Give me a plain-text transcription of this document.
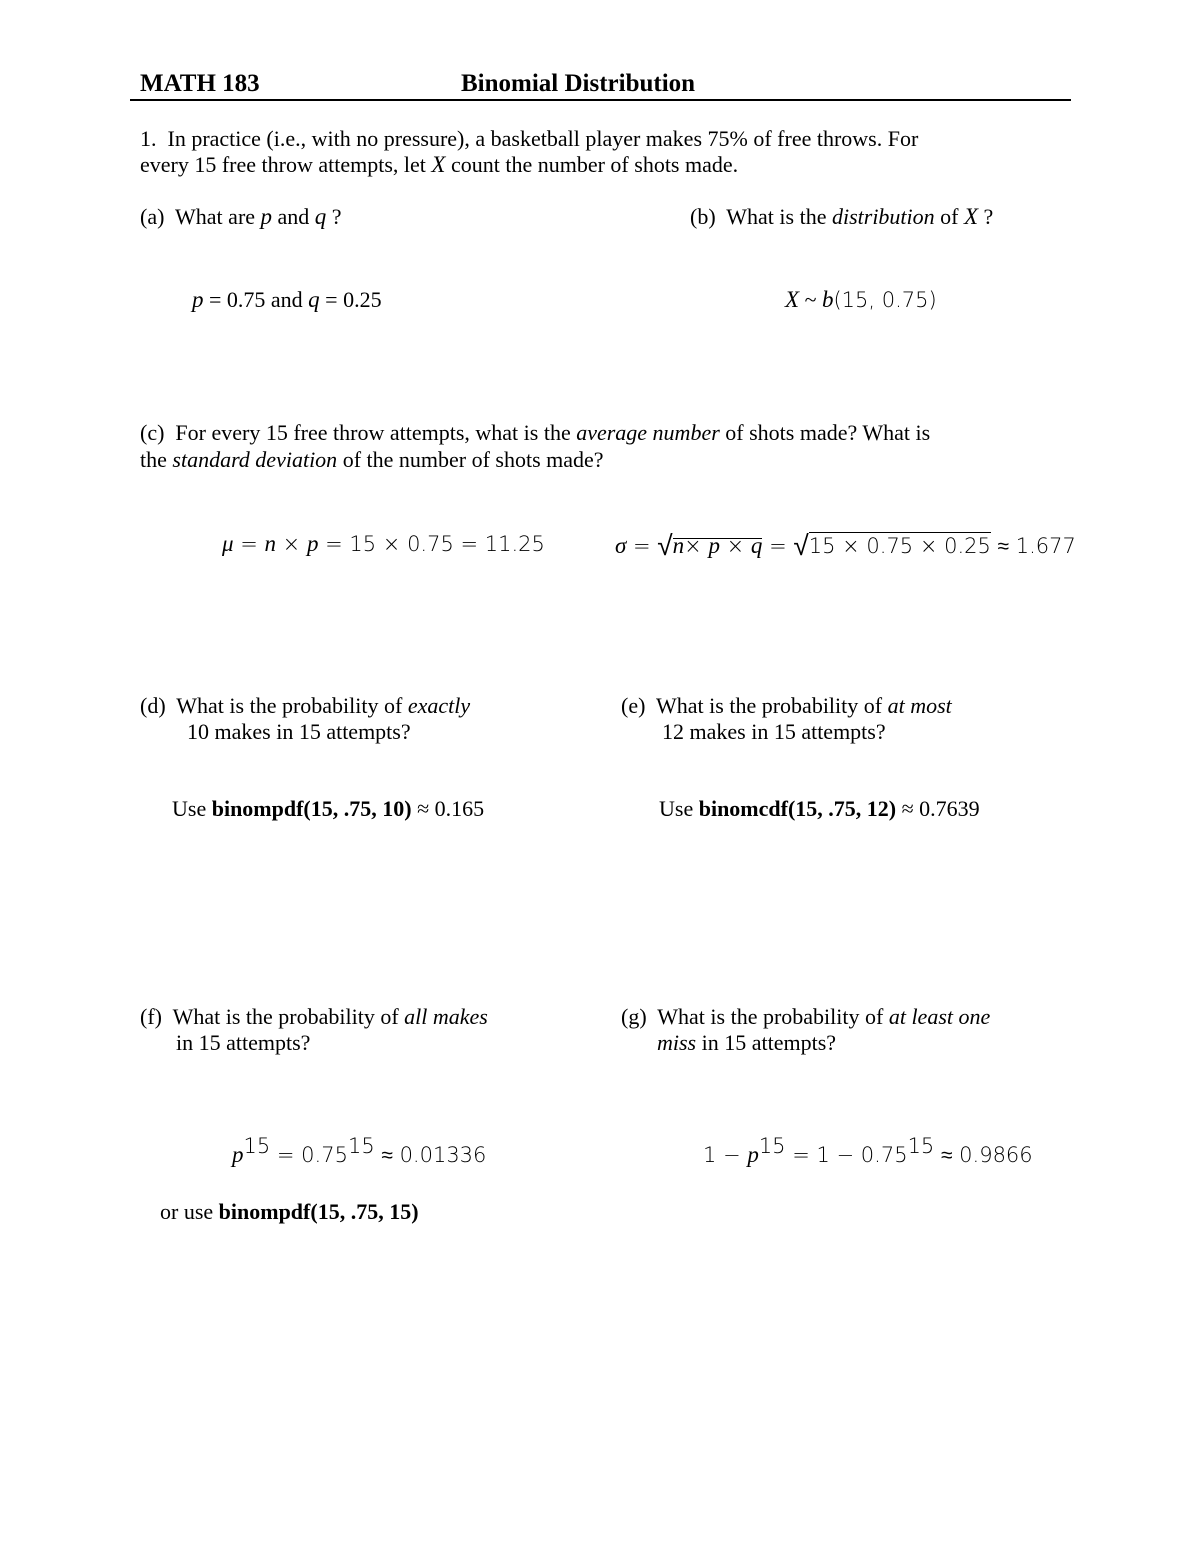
MATH 183	Binomial Distribution
1. In practice (i.e., with no pressure), a basketball player makes 75% of free throws. For
every 15 free throw attempts, let X count the number of shots made.
(a) What are p and q ?
p = 0.75 and q = 0.25
(b) What is the distribution of X ?
X ~ b(15, 0.75)
(c) For every 15 free throw attempts, what is the average number of shots made? What is
the standard deviation of the number of shots made?
μ = n × p = 15 × 0.75 = 11.25	σ = √n× p × q = √15 × 0.75 × 0.25 ≈ 1.677
(d) What is the probability of exactly
10 makes in 15 attempts?
Use binompdf(15, .75, 10) ≈ 0.165
(e) What is the probability of at most
12 makes in 15 attempts?
Use binomcdf(15, .75, 12) ≈ 0.7639
(f) What is the probability of all makes
in 15 attempts?
$p^{15} = 0.75^{15} \approx 0.01336$
or use binompdf(15, .75, 15)
(g) What is the probability of at least one
miss in 15 attempts?
$1 - p^{15} = 1 - 0.75^{15} \approx 0.9866$
